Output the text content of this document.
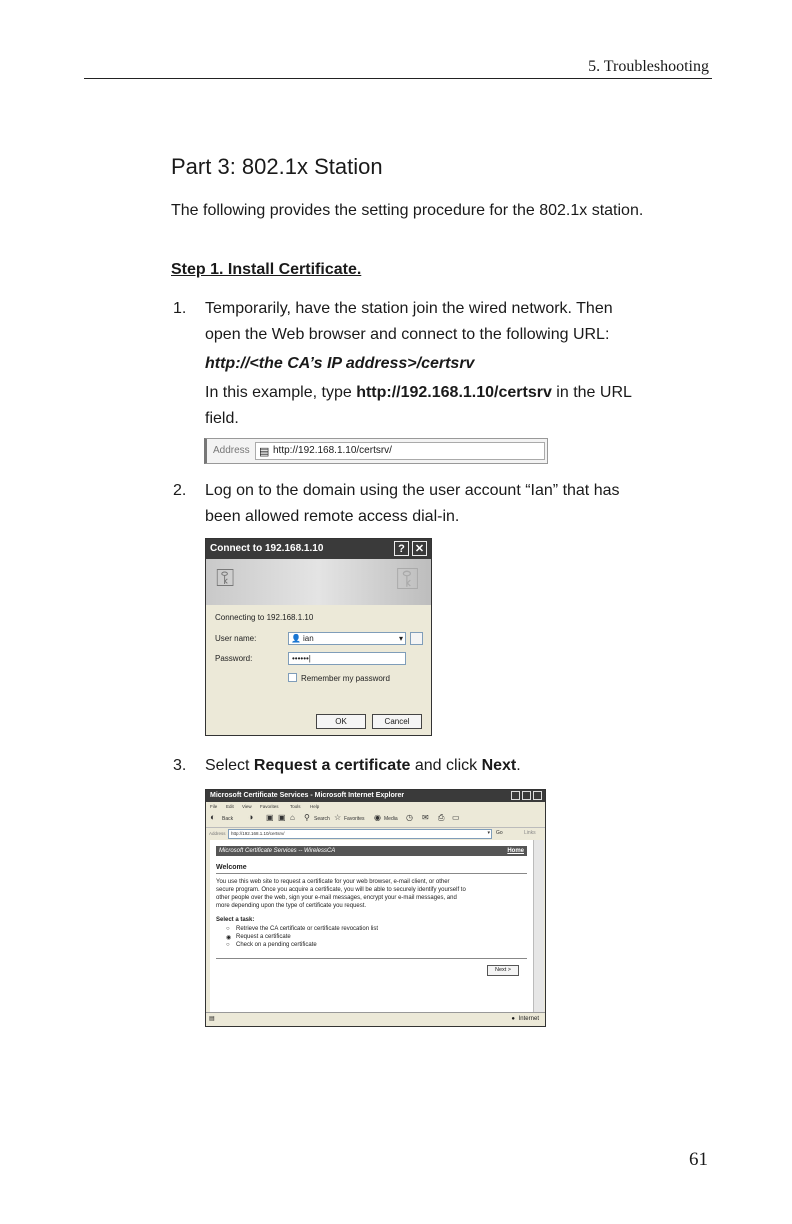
5. Troubleshooting
Part 3: 802.1x Station
The following provides the setting procedure for the 802.1x station.
Step 1. Install Certificate.
1.	Temporarily, have the station join the wired network. Then
open the Web browser and connect to the following URL:
http://<the CA’s IP address>/certsrv
In this example, type http://192.168.1.10/certsrv in the URL
field.
Address ▤ http://192.168.1.10/certsrv/
2.	Log on to the domain using the user account “Ian” that has
been allowed remote access dial-in.
Connect to 192.168.1.10	? ✕
⚿	⚿
Connecting to 192.168.1.10
User name:	👤 ian	▾
Password:	••••••|
Remember my password
OK	Cancel
3.	Select Request a certificate and click Next.
Microsoft Certificate Services - Microsoft Internet Explorer
File Edit View Favorites	Tools Help
◐ Back ◑ ▣ ▣ ⌂ ⚲ Search ☆ Favorites ◉ Media ◷ ✉ ⎙ ▭
Address http://192.168.1.10/certsrv/	▾ Go	Links
Microsoft Certificate Services -- WirelessCA	Home
Welcome
You use this web site to request a certificate for your web browser, e-mail client, or other
secure program. Once you acquire a certificate, you will be able to securely identify yourself to
other people over the web, sign your e-mail messages, encrypt your e-mail messages, and
more depending upon the type of certificate you request.
Select a task:
○ Retrieve the CA certificate or certificate revocation list
◉ Request a certificate
○ Check on a pending certificate
Next >
▤	● Internet
61
